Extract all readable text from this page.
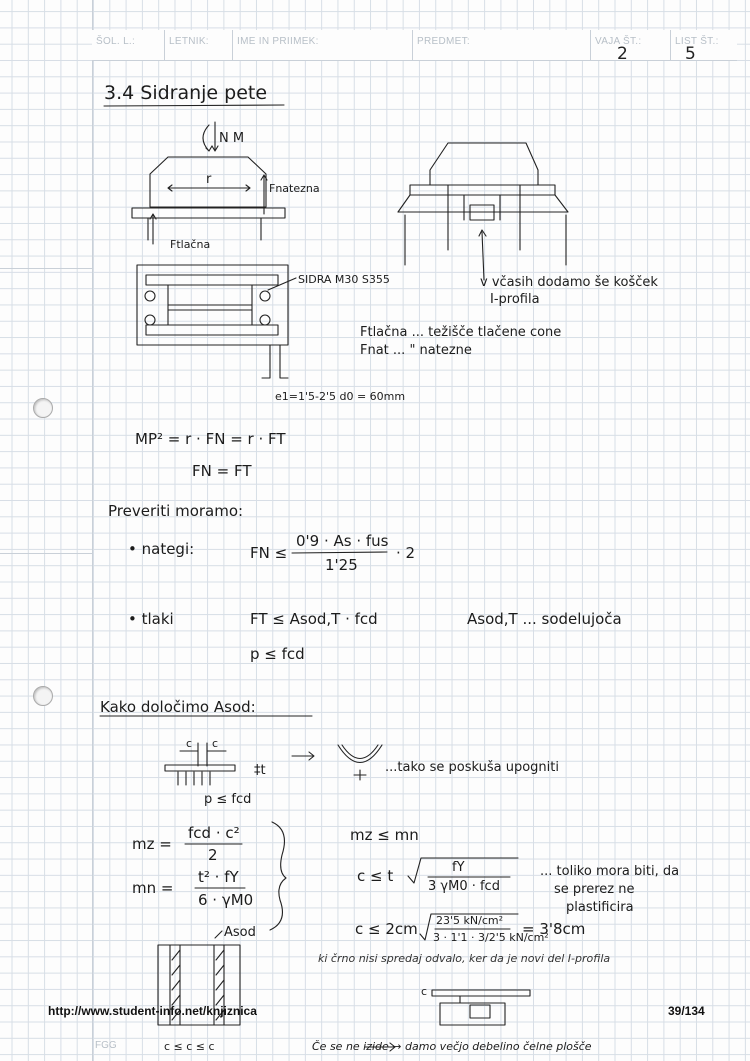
ŠOL. L.:	LETNIK:	IME IN PRIIMEK:	PREDMET:	VAJA ŠT.:
2
LIST ŠT.:
5
3.4 Sidranje pete
N M
r
Fnatezna
Ftlačna
SIDRA M30 S355	v včasih dodamo še košček
I-profila
Ftlačna ... težišče tlačene cone
Fnat ... " natezne
e1=1'5-2'5 d0 = 60mm
MP² = r · FN = r · FT
FN = FT
Preveriti moramo:
• nategi:	FN ≤
0'9 · As · fus
1'25
· 2
• tlaki	FT ≤ Asod,T · fcd	Asod,T ... sodelujoča
p ≤ fcd
Kako določimo Asod:
c c
‡t	...tako se poskuša upogniti
p ≤ fcd
mz =
fcd · c²
2
mn =
t² · fY
6 · γM0
mz ≤ mn
c ≤ t	fY
3 γM0 · fcd
... toliko mora biti, da
se prerez ne
plastificira
c ≤ 2cm 23'5 kN/cm²
3 · 1'1 · 3/2'5 kN/cm²
= 3'8cm
Asod
ki črno nisi spredaj odvalo, ker da je novi del I-profila
c
c ≤ c ≤ c	Če se ne izide → damo večjo debelino čelne plošče
http://www.student-info.net/knjiznica	39/134
FGG
